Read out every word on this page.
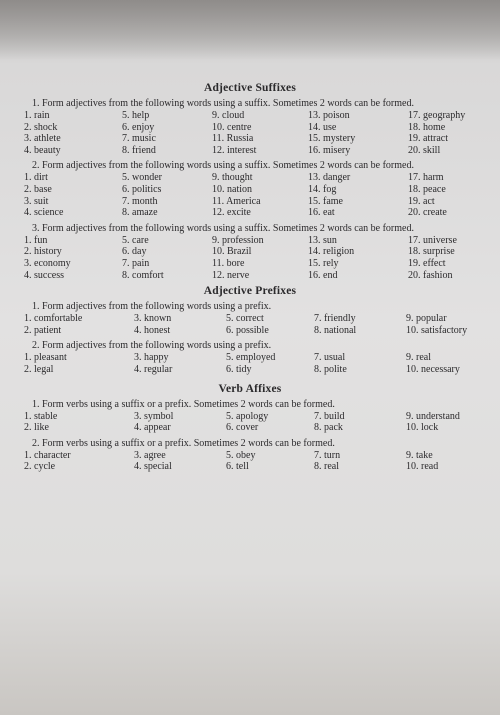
Adjective Suffixes
1. Form adjectives from the following words using a suffix. Sometimes 2 words can be formed.
1. rain
2. shock
3. athlete
4. beauty
5. help
6. enjoy
7. music
8. friend
9. cloud
10. centre
11. Russia
12. interest
13. poison
14. use
15. mystery
16. misery
17. geography
18. home
19. attract
20. skill
2. Form adjectives from the following words using a suffix. Sometimes 2 words can be formed.
1. dirt
2. base
3. suit
4. science
5. wonder
6. politics
7. month
8. amaze
9. thought
10. nation
11. America
12. excite
13. danger
14. fog
15. fame
16. eat
17. harm
18. peace
19. act
20. create
3. Form adjectives from the following words using a suffix. Sometimes 2 words can be formed.
1. fun
2. history
3. economy
4. success
5. care
6. day
7. pain
8. comfort
9. profession
10. Brazil
11. bore
12. nerve
13. sun
14. religion
15. rely
16. end
17. universe
18. surprise
19. effect
20. fashion
Adjective Prefixes
1. Form adjectives from the following words using a prefix.
1. comfortable
2. patient
3. known
4. honest
5. correct
6. possible
7. friendly
8. national
9. popular
10. satisfactory
2. Form adjectives from the following words using a prefix.
1. pleasant
2. legal
3. happy
4. regular
5. employed
6. tidy
7. usual
8. polite
9. real
10. necessary
Verb Affixes
1. Form verbs using a suffix or a prefix. Sometimes 2 words can be formed.
1. stable
2. like
3. symbol
4. appear
5. apology
6. cover
7. build
8. pack
9. understand
10. lock
2. Form verbs using a suffix or a prefix. Sometimes 2 words can be formed.
1. character
2. cycle
3. agree
4. special
5. obey
6. tell
7. turn
8. real
9. take
10. read
